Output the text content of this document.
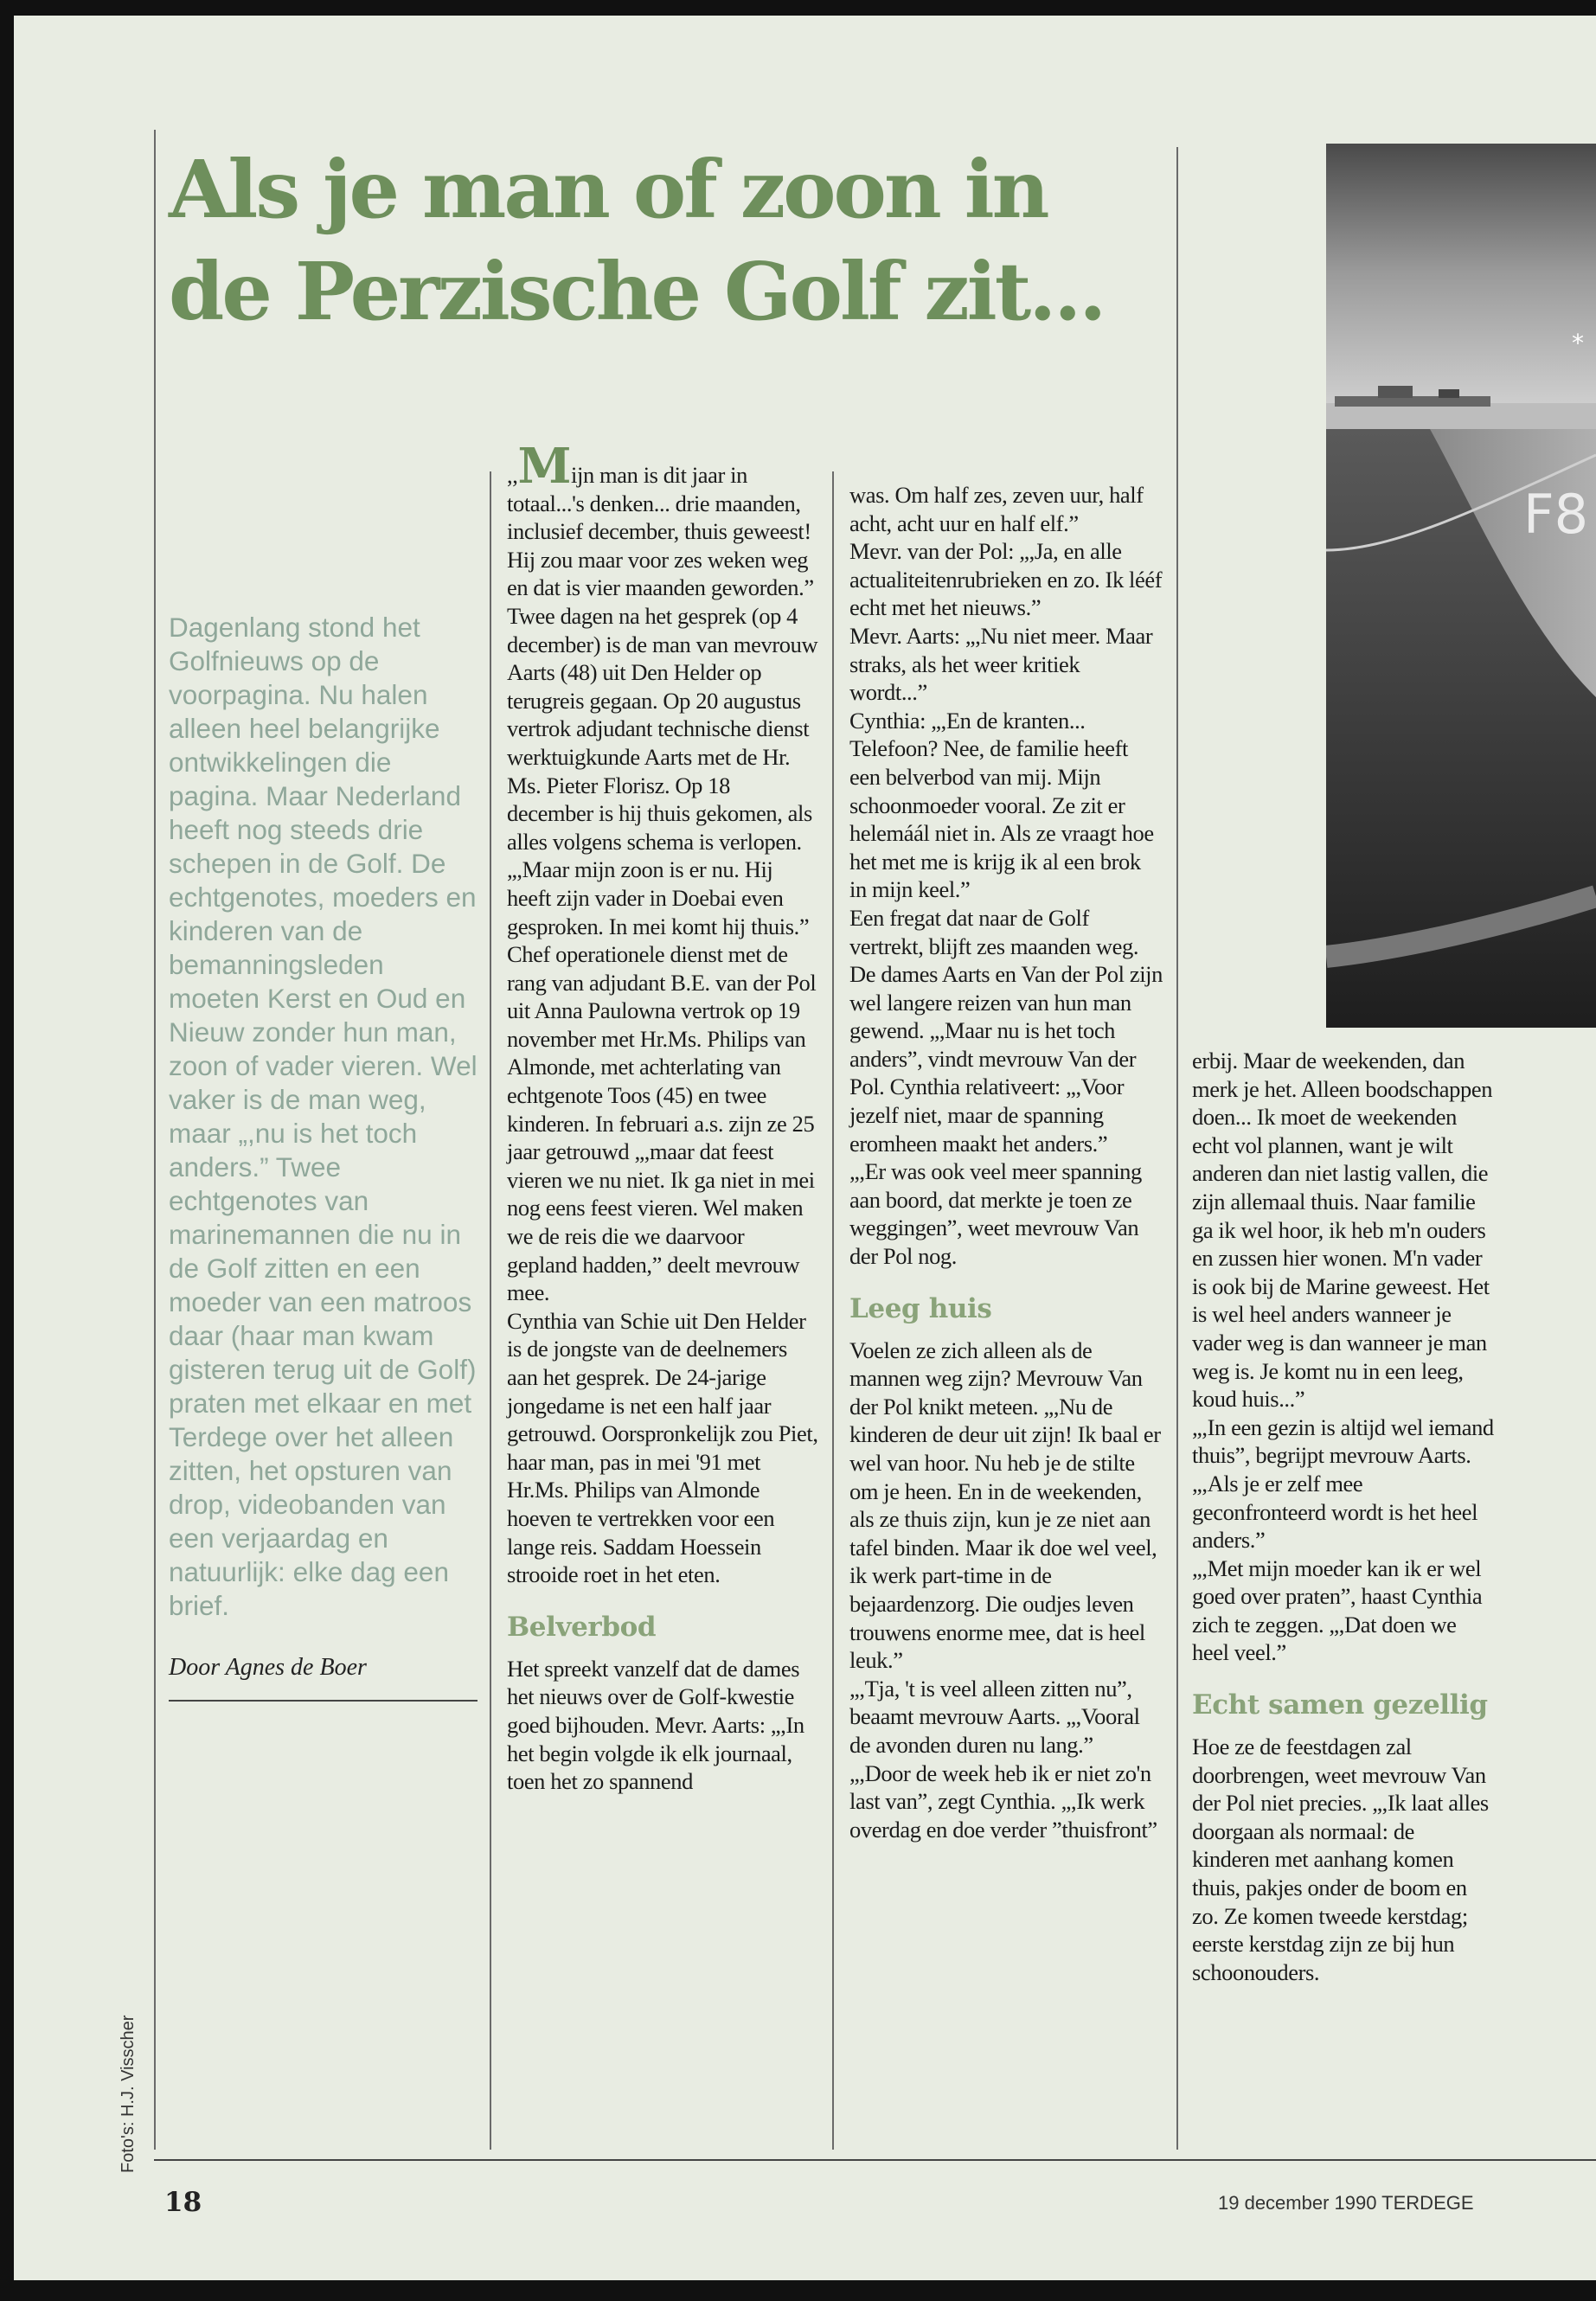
Als je man of zoon in de Perzische Golf zit...

Dagenlang stond het Golfnieuws op de voorpagina. Nu halen alleen heel belangrijke ontwikkelingen die pagina. Maar Nederland heeft nog steeds drie schepen in de Golf. De echtgenotes, moeders en kinderen van de bemanningsleden moeten Kerst en Oud en Nieuw zonder hun man, zoon of vader vieren. Wel vaker is de man weg, maar „,nu is het toch anders.” Twee echtgenotes van marinemannen die nu in de Golf zitten en een moeder van een matroos daar (haar man kwam gisteren terug uit de Golf) praten met elkaar en met Terdege over het alleen zitten, het opsturen van drop, videobanden van een verjaardag en natuurlijk: elke dag een brief.

Door Agnes de Boer

,,Mijn man is dit jaar in totaal...'s denken... drie maanden, inclusief december, thuis geweest! Hij zou maar voor zes weken weg en dat is vier maanden geworden.” Twee dagen na het gesprek (op 4 december) is de man van mevrouw Aarts (48) uit Den Helder op terugreis gegaan. Op 20 augustus vertrok adjudant technische dienst werktuigkunde Aarts met de Hr. Ms. Pieter Florisz. Op 18 december is hij thuis gekomen, als alles volgens schema is verlopen. „,Maar mijn zoon is er nu. Hij heeft zijn vader in Doebai even gesproken. In mei komt hij thuis.”

Chef operationele dienst met de rang van adjudant B.E. van der Pol uit Anna Paulowna vertrok op 19 november met Hr.Ms. Philips van Almonde, met achterlating van echtgenote Toos (45) en twee kinderen. In februari a.s. zijn ze 25 jaar getrouwd „,maar dat feest vieren we nu niet. Ik ga niet in mei nog eens feest vieren. Wel maken we de reis die we daarvoor gepland hadden,” deelt mevrouw mee.

Cynthia van Schie uit Den Helder is de jongste van de deelnemers aan het gesprek. De 24-jarige jongedame is net een half jaar getrouwd. Oorspronkelijk zou Piet, haar man, pas in mei '91 met Hr.Ms. Philips van Almonde hoeven te vertrekken voor een lange reis. Saddam Hoessein strooide roet in het eten.

Belverbod

Het spreekt vanzelf dat de dames het nieuws over de Golf-kwestie goed bijhouden. Mevr. Aarts: „,In het begin volgde ik elk journaal, toen het zo spannend

was. Om half zes, zeven uur, half acht, acht uur en half elf.”

Mevr. van der Pol: „,Ja, en alle actualiteitenrubrieken en zo. Ik lééf echt met het nieuws.”

Mevr. Aarts: „,Nu niet meer. Maar straks, als het weer kritiek wordt...”

Cynthia: „,En de kranten... Telefoon? Nee, de familie heeft een belverbod van mij. Mijn schoonmoeder vooral. Ze zit er helemáál niet in. Als ze vraagt hoe het met me is krijg ik al een brok in mijn keel.”

Een fregat dat naar de Golf vertrekt, blijft zes maanden weg. De dames Aarts en Van der Pol zijn wel langere reizen van hun man gewend. „,Maar nu is het toch anders”, vindt mevrouw Van der Pol. Cynthia relativeert: „,Voor jezelf niet, maar de spanning eromheen maakt het anders.”

„,Er was ook veel meer spanning aan boord, dat merkte je toen ze weggingen”, weet mevrouw Van der Pol nog.

Leeg huis

Voelen ze zich alleen als de mannen weg zijn? Mevrouw Van der Pol knikt meteen. „,Nu de kinderen de deur uit zijn! Ik baal er wel van hoor. Nu heb je de stilte om je heen. En in de weekenden, als ze thuis zijn, kun je ze niet aan tafel binden. Maar ik doe wel veel, ik werk part-time in de bejaardenzorg. Die oudjes leven trouwens enorme mee, dat is heel leuk.”

„,Tja, 't is veel alleen zitten nu”, beaamt mevrouw Aarts. „,Vooral de avonden duren nu lang.”

„,Door de week heb ik er niet zo'n last van”, zegt Cynthia. „,Ik werk overdag en doe verder ”thuisfront”

erbij. Maar de weekenden, dan merk je het. Alleen boodschappen doen... Ik moet de weekenden echt vol plannen, want je wilt anderen dan niet lastig vallen, die zijn allemaal thuis. Naar familie ga ik wel hoor, ik heb m'n ouders en zussen hier wonen. M'n vader is ook bij de Marine geweest. Het is wel heel anders wanneer je vader weg is dan wanneer je man weg is. Je komt nu in een leeg, koud huis...”

„,In een gezin is altijd wel iemand thuis”, begrijpt mevrouw Aarts. „,Als je er zelf mee geconfronteerd wordt is het heel anders.”

„,Met mijn moeder kan ik er wel goed over praten”, haast Cynthia zich te zeggen. „,Dat doen we heel veel.”

Echt samen gezellig

Hoe ze de feestdagen zal doorbrengen, weet mevrouw Van der Pol niet precies. „,Ik laat alles doorgaan als normaal: de kinderen met aanhang komen thuis, pakjes onder de boom en zo. Ze komen tweede kerstdag; eerste kerstdag zijn ze bij hun schoonouders.

F8
*

Foto's: H.J. Visscher

18	19 december 1990 TERDEGE
